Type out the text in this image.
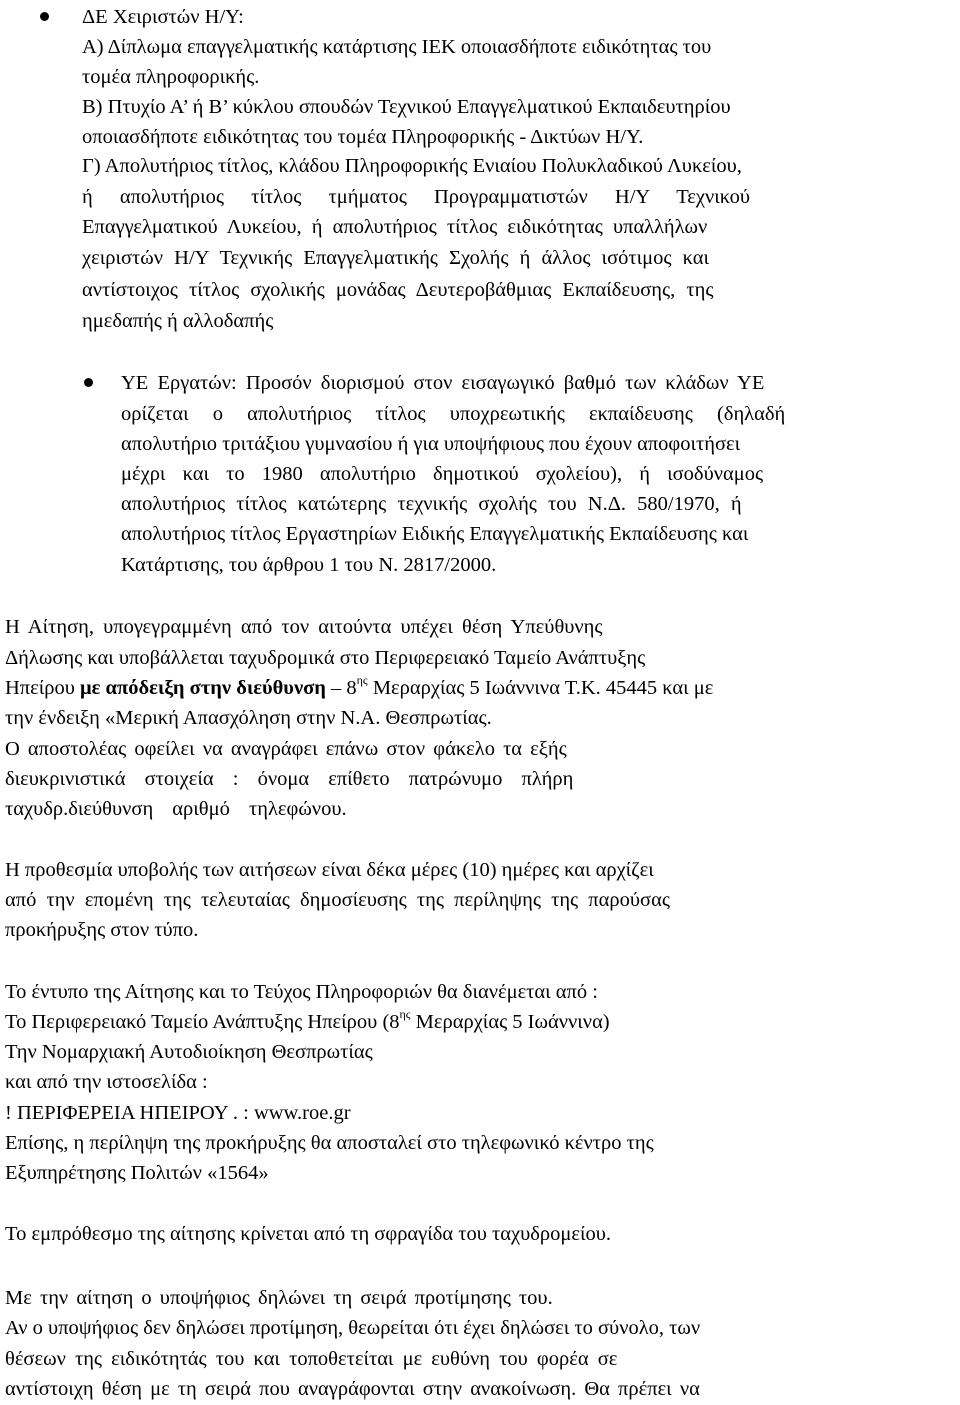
ΔΕ Χειριστών Η/Υ:
Α) Δίπλωμα επαγγελματικής κατάρτισης ΙΕΚ οποιασδήποτε ειδικότητας του
τομέα πληροφορικής.
Β) Πτυχίο Α’ ή Β’ κύκλου σπουδών Τεχνικού Επαγγελματικού Εκπαιδευτηρίου
οποιασδήποτε ειδικότητας του τομέα Πληροφορικής - Δικτύων Η/Υ.
Γ) Απολυτήριος τίτλος, κλάδου Πληροφορικής Ενιαίου Πολυκλαδικού Λυκείου,
ή απολυτήριος τίτλος τμήματος Προγραμματιστών Η/Υ Τεχνικού
Επαγγελματικού Λυκείου, ή απολυτήριος τίτλος ειδικότητας υπαλλήλων
χειριστών Η/Υ Τεχνικής Επαγγελματικής Σχολής ή άλλος ισότιμος και
αντίστοιχος τίτλος σχολικής μονάδας Δευτεροβάθμιας Εκπαίδευσης, της
ημεδαπής ή αλλοδαπής
ΥΕ Εργατών: Προσόν διορισμού στον εισαγωγικό βαθμό των κλάδων ΥΕ
ορίζεται ο απολυτήριος τίτλος υποχρεωτικής εκπαίδευσης (δηλαδή
απολυτήριο τριτάξιου γυμνασίου ή για υποψήφιους που έχουν αποφοιτήσει
μέχρι και το 1980 απολυτήριο δημοτικού σχολείου), ή ισοδύναμος
απολυτήριος τίτλος κατώτερης τεχνικής σχολής του Ν.Δ. 580/1970, ή
απολυτήριος τίτλος Εργαστηρίων Ειδικής Επαγγελματικής Εκπαίδευσης και
Κατάρτισης, του άρθρου 1 του Ν. 2817/2000.
Η Αίτηση, υπογεγραμμένη από τον αιτούντα υπέχει θέση Υπεύθυνης
Δήλωσης και υποβάλλεται ταχυδρομικά στο Περιφερειακό Ταμείο Ανάπτυξης
Ηπείρου με απόδειξη στην διεύθυνση – $8^{\eta\varsigma}$ Μεραρχίας 5 Ιωάννινα Τ.Κ. 45445 και με
την ένδειξη «Μερική Απασχόληση στην Ν.Α. Θεσπρωτίας.
Ο αποστολέας οφείλει να αναγράφει επάνω στον φάκελο τα εξής
διευκρινιστικά στοιχεία : όνομα επίθετο πατρώνυμο πλήρη
ταχυδρ.διεύθυνση αριθμό τηλεφώνου.
Η προθεσμία υποβολής των αιτήσεων είναι δέκα μέρες (10) ημέρες και αρχίζει
από την επομένη της τελευταίας δημοσίευσης της περίληψης της παρούσας
προκήρυξης στον τύπο.
Το έντυπο της Αίτησης και το Τεύχος Πληροφοριών θα διανέμεται από :
Το Περιφερειακό Ταμείο Ανάπτυξης Ηπείρου ($8^{\eta\varsigma}$ Μεραρχίας 5 Ιωάννινα)
Την Νομαρχιακή Αυτοδιοίκηση Θεσπρωτίας
και από την ιστοσελίδα :
! ΠΕΡΙΦΕΡΕΙΑ ΗΠΕΙΡΟΥ . : www.roe.gr
Επίσης, η περίληψη της προκήρυξης θα αποσταλεί στο τηλεφωνικό κέντρο της
Εξυπηρέτησης Πολιτών «1564»
Το εμπρόθεσμο της αίτησης κρίνεται από τη σφραγίδα του ταχυδρομείου.
Με την αίτηση ο υποψήφιος δηλώνει τη σειρά προτίμησης του.
Αν ο υποψήφιος δεν δηλώσει προτίμηση, θεωρείται ότι έχει δηλώσει το σύνολο, των
θέσεων της ειδικότητάς του και τοποθετείται με ευθύνη του φορέα σε
αντίστοιχη θέση με τη σειρά που αναγράφονται στην ανακοίνωση. Θα πρέπει να
